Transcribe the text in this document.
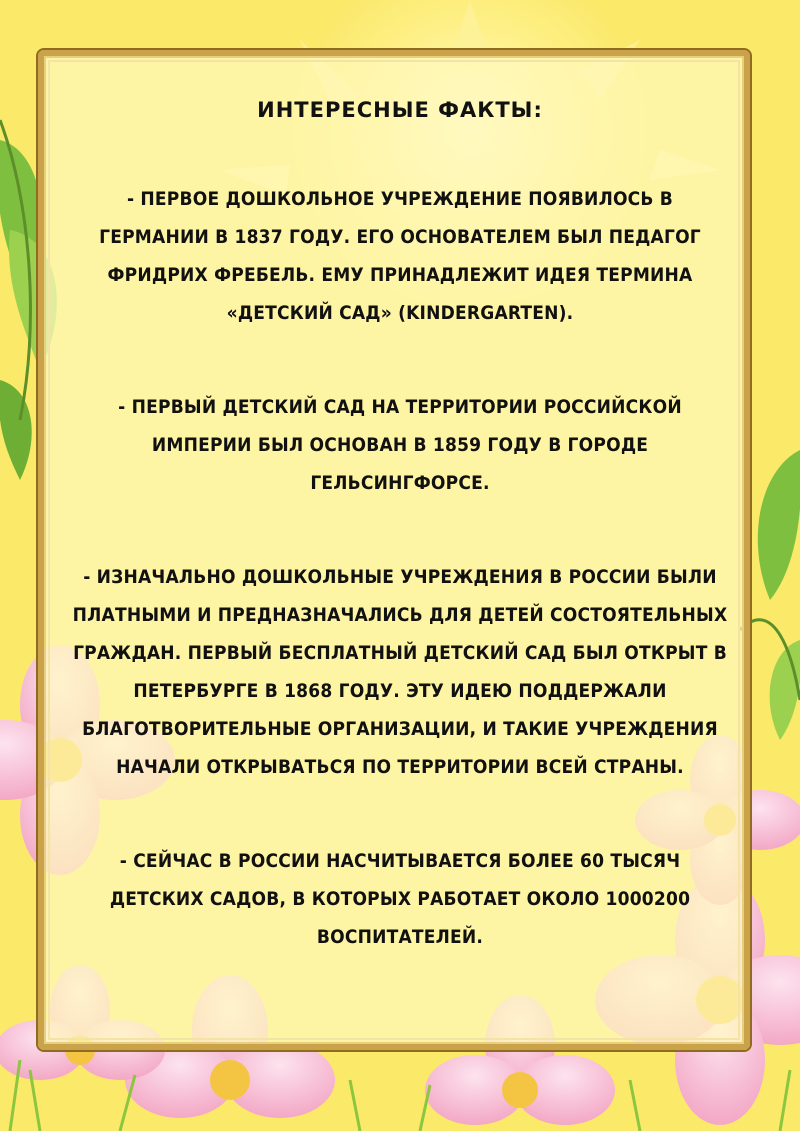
ИНТЕРЕСНЫЕ ФАКТЫ:

- ПЕРВОЕ ДОШКОЛЬНОЕ УЧРЕЖДЕНИЕ ПОЯВИЛОСЬ В ГЕРМАНИИ В 1837 ГОДУ. ЕГО ОСНОВАТЕЛЕМ БЫЛ ПЕДАГОГ ФРИДРИХ ФРЕБЕЛЬ. ЕМУ ПРИНАДЛЕЖИТ ИДЕЯ ТЕРМИНА «ДЕТСКИЙ САД» (KINDERGARTEN).

- ПЕРВЫЙ ДЕТСКИЙ САД НА ТЕРРИТОРИИ РОССИЙСКОЙ ИМПЕРИИ БЫЛ ОСНОВАН В 1859 ГОДУ В ГОРОДЕ ГЕЛЬСИНГФОРСЕ.

- ИЗНАЧАЛЬНО ДОШКОЛЬНЫЕ УЧРЕЖДЕНИЯ В РОССИИ БЫЛИ ПЛАТНЫМИ И ПРЕДНАЗНАЧАЛИСЬ ДЛЯ ДЕТЕЙ СОСТОЯТЕЛЬНЫХ ГРАЖДАН. ПЕРВЫЙ БЕСПЛАТНЫЙ ДЕТСКИЙ САД БЫЛ ОТКРЫТ В ПЕТЕРБУРГЕ В 1868 ГОДУ. ЭТУ ИДЕЮ ПОДДЕРЖАЛИ БЛАГОТВОРИТЕЛЬНЫЕ ОРГАНИЗАЦИИ, И ТАКИЕ УЧРЕЖДЕНИЯ НАЧАЛИ ОТКРЫВАТЬСЯ ПО ТЕРРИТОРИИ ВСЕЙ СТРАНЫ.

- СЕЙЧАС В РОССИИ НАСЧИТЫВАЕТСЯ БОЛЕЕ 60 ТЫСЯЧ ДЕТСКИХ САДОВ, В КОТОРЫХ РАБОТАЕТ ОКОЛО 1000200 ВОСПИТАТЕЛЕЙ.
